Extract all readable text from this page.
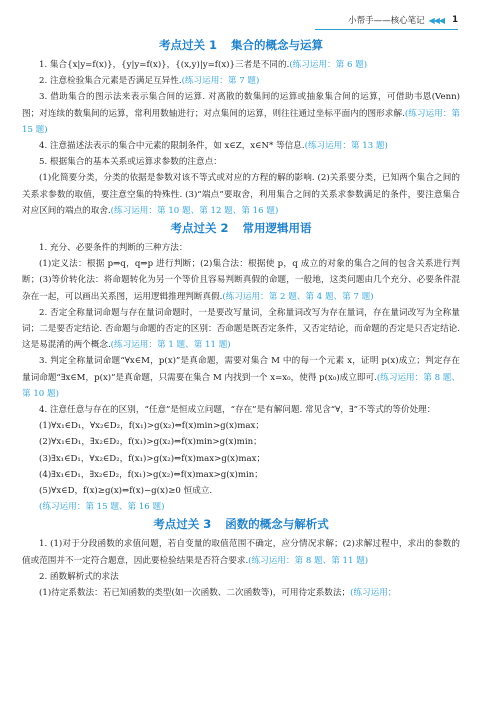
小帮手——核心笔记 ◀◀◀ 1
考点过关 1 集合的概念与运算

1. 集合{x|y=f(x)}，{y|y=f(x)}，{(x,y)|y=f(x)}三者是不同的.(练习运用：第 6 题)

2. 注意检验集合元素是否满足互异性.(练习运用：第 7 题)

3. 借助集合的图示法来表示集合间的运算. 对离散的数集间的运算或抽象集合间的运算，可借助韦恩(Venn)图；对连续的数集间的运算，常利用数轴进行；对点集间的运算，则往往通过坐标平面内的图形求解.(练习运用：第 15 题)

4. 注意描述法表示的集合中元素的限制条件，如 x∈Z，x∈N* 等信息.(练习运用：第 13 题)

5. 根据集合的基本关系或运算求参数的注意点：

(1)化简要分类，分类的依据是参数对该不等式或对应的方程的解的影响. (2)关系要分类，已知两个集合之间的关系求参数的取值，要注意空集的特殊性. (3)“端点”要取舍，利用集合之间的关系求参数满足的条件，要注意集合对应区间的端点的取舍.(练习运用：第 10 题、第 12 题、第 16 题)

考点过关 2 常用逻辑用语

1. 充分、必要条件的判断的三种方法：

(1)定义法：根据 p⇒q，q⇒p 进行判断；(2)集合法：根据使 p，q 成立的对象的集合之间的包含关系进行判断；(3)等价转化法：将命题转化为另一个等价且容易判断真假的命题，一般地，这类问题由几个充分、必要条件混杂在一起，可以画出关系图，运用逻辑推理判断真假.(练习运用：第 2 题、第 4 题、第 7 题)

2. 否定全称量词命题与存在量词命题时，一是要改写量词，全称量词改写为存在量词，存在量词改写为全称量词；二是要否定结论. 否命题与命题的否定的区别：否命题是既否定条件，又否定结论，而命题的否定是只否定结论. 这是易混淆的两个概念.(练习运用：第 1 题、第 11 题)

3. 判定全称量词命题“∀x∈M，p(x)”是真命题，需要对集合 M 中的每一个元素 x，证明 p(x)成立；判定存在量词命题“∃x∈M，p(x)”是真命题，只需要在集合 M 内找到一个 x=x₀，使得 p(x₀)成立即可.(练习运用：第 8 题、第 10 题)

4. 注意任意与存在的区别，“任意”是恒成立问题，“存在”是有解问题. 常见含“∀，∃”不等式的等价处理：

(1)∀x₁∈D₁，∀x₂∈D₂，f(x₁)>g(x₂)⇔f(x)min>g(x)max；
(2)∀x₁∈D₁，∃x₂∈D₂，f(x₁)>g(x₂)⇔f(x)min>g(x)min；
(3)∃x₁∈D₁，∀x₂∈D₂，f(x₁)>g(x₂)⇔f(x)max>g(x)max；
(4)∃x₁∈D₁，∃x₂∈D₂，f(x₁)>g(x₂)⇔f(x)max>g(x)min；
(5)∀x∈D，f(x)≥g(x)⇔f(x)−g(x)≥0 恒成立.
(练习运用：第 15 题、第 16 题)
考点过关 3 函数的概念与解析式

1. (1)对于分段函数的求值问题，若自变量的取值范围不确定，应分情况求解；(2)求解过程中，求出的参数的值或范围并不一定符合题意，因此要检验结果是否符合要求.(练习运用：第 8 题、第 11 题)

2. 函数解析式的求法

(1)待定系数法：若已知函数的类型(如一次函数、二次函数等)，可用待定系数法；(练习运用；
